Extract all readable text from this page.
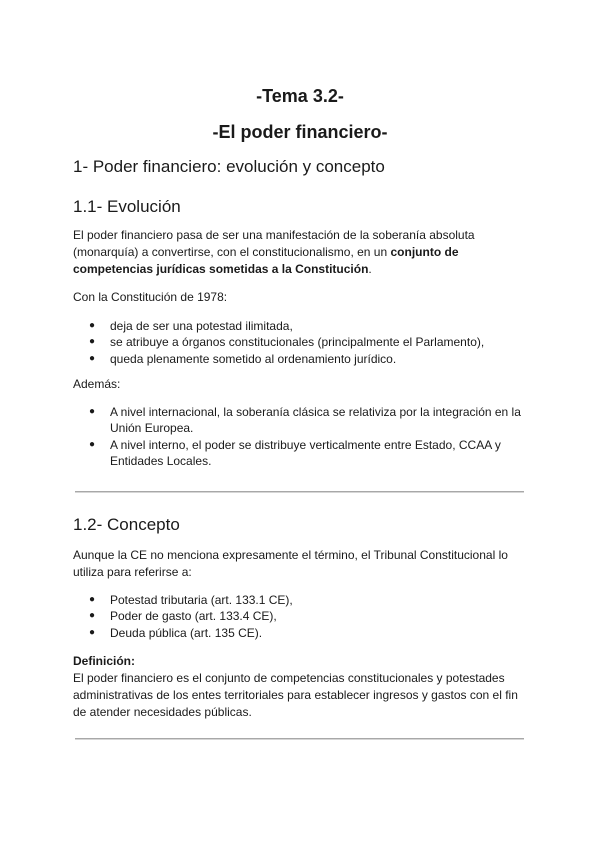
-Tema 3.2-
-El poder financiero-
1- Poder financiero: evolución y concepto
1.1- Evolución

El poder financiero pasa de ser una manifestación de la soberanía absoluta (monarquía) a convertirse, con el constitucionalismo, en un conjunto de competencias jurídicas sometidas a la Constitución.

Con la Constitución de 1978:

● deja de ser una potestad ilimitada,
● se atribuye a órganos constitucionales (principalmente el Parlamento),
● queda plenamente sometido al ordenamiento jurídico.

Además:

● A nivel internacional, la soberanía clásica se relativiza por la integración en la Unión Europea.
● A nivel interno, el poder se distribuye verticalmente entre Estado, CCAA y Entidades Locales.
1.2- Concepto

Aunque la CE no menciona expresamente el término, el Tribunal Constitucional lo utiliza para referirse a:

● Potestad tributaria (art. 133.1 CE),
● Poder de gasto (art. 133.4 CE),
● Deuda pública (art. 135 CE).

Definición:
El poder financiero es el conjunto de competencias constitucionales y potestades administrativas de los entes territoriales para establecer ingresos y gastos con el fin de atender necesidades públicas.
